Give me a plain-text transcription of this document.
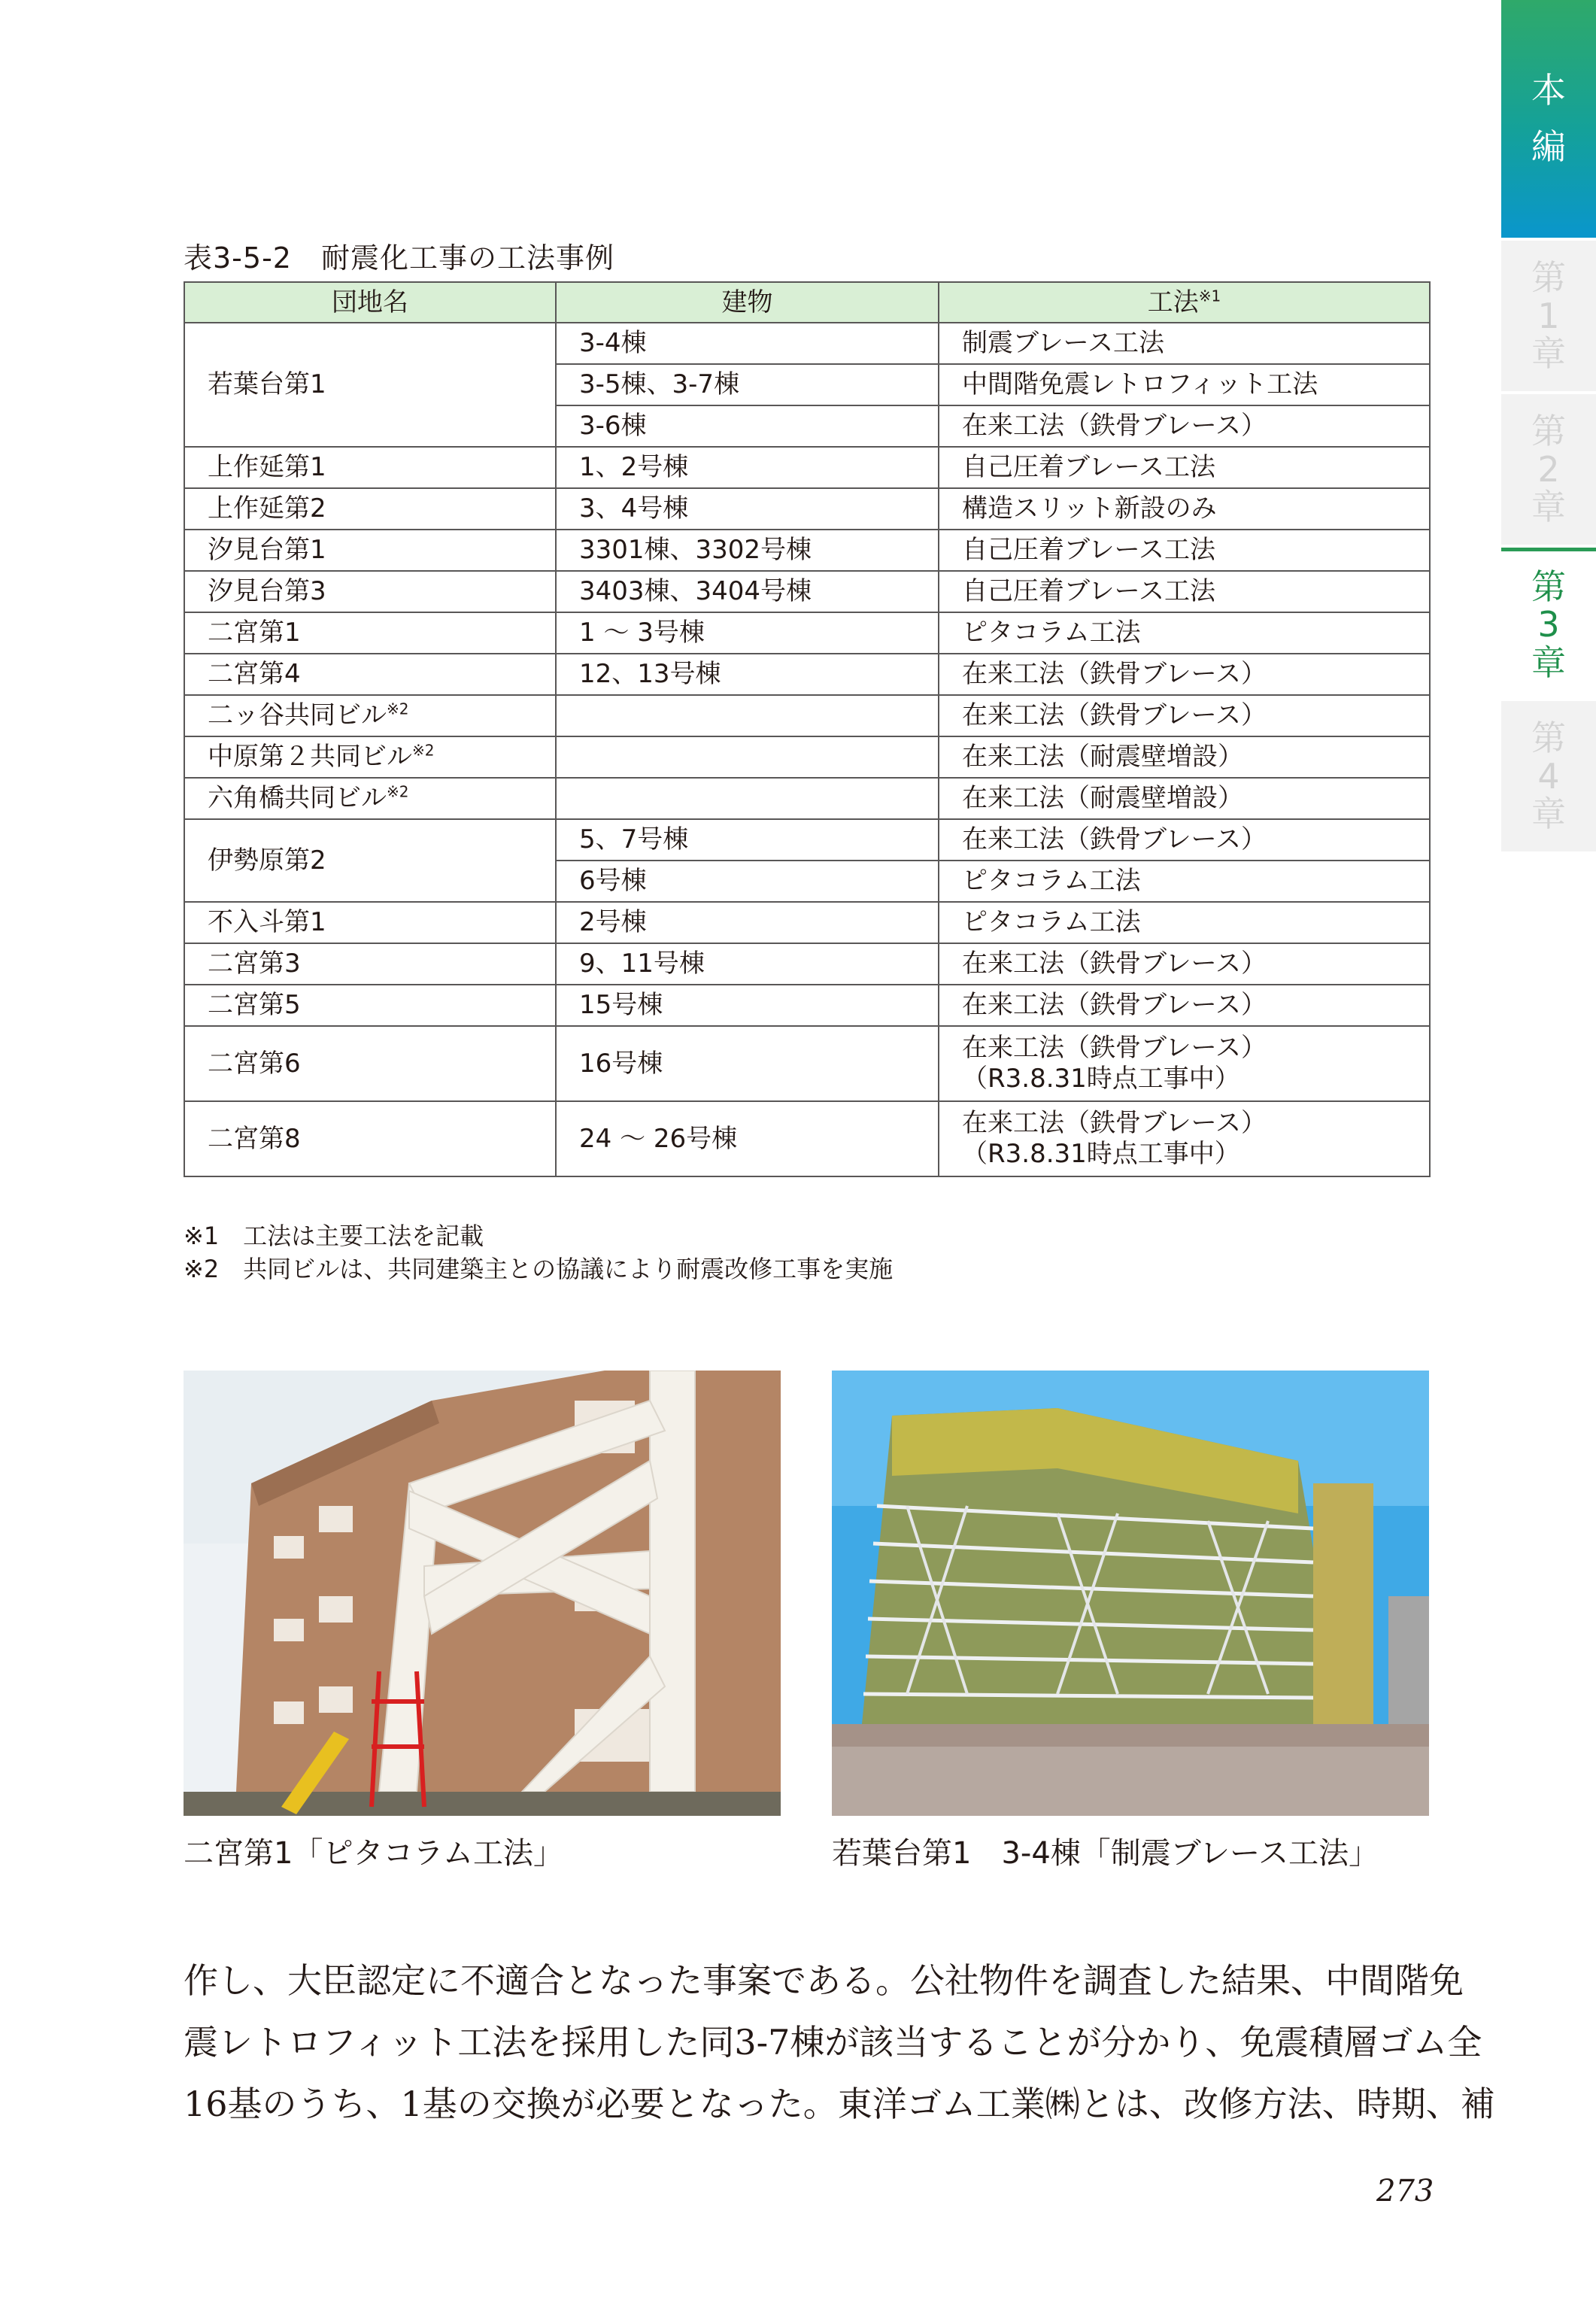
表3-5-2　耐震化工事の工法事例
団地名	建物	工法$^{※1}$
若葉台第1	3-4棟	制震ブレース工法
	3-5棟、3-7棟	中間階免震レトロフィット工法
	3-6棟	在来工法（鉄骨ブレース）
上作延第1	1、2号棟	自己圧着ブレース工法
上作延第2	3、4号棟	構造スリット新設のみ
汐見台第1	3301棟、3302号棟	自己圧着ブレース工法
汐見台第3	3403棟、3404号棟	自己圧着ブレース工法
二宮第1	1 ～ 3号棟	ピタコラム工法
二宮第4	12、13号棟	在来工法（鉄骨ブレース）
二ッ谷共同ビル$^{※2}$		在来工法（鉄骨ブレース）
中原第２共同ビル$^{※2}$		在来工法（耐震壁増設）
六角橋共同ビル$^{※2}$		在来工法（耐震壁増設）
伊勢原第2	5、7号棟	在来工法（鉄骨ブレース）
	6号棟	ピタコラム工法
不入斗第1	2号棟	ピタコラム工法
二宮第3	9、11号棟	在来工法（鉄骨ブレース）
二宮第5	15号棟	在来工法（鉄骨ブレース）
二宮第6	16号棟	在来工法（鉄骨ブレース）
（R3.8.31時点工事中）

二宮第8	24 ～ 26号棟	在来工法（鉄骨ブレース）
（R3.8.31時点工事中）
※1　工法は主要工法を記載
※2　共同ビルは、共同建築主との協議により耐震改修工事を実施
二宮第1「ピタコラム工法」	若葉台第1　3-4棟「制震ブレース工法」

作し、大臣認定に不適合となった事案である。公社物件を調査した結果、中間階免

震レトロフィット工法を採用した同3-7棟が該当することが分かり、免震積層ゴム全

16基のうち、1基の交換が必要となった。東洋ゴム工業㈱とは、改修方法、時期、補

273
本
編
第
1
章
第
2
章
第
3
章
第
4
章
